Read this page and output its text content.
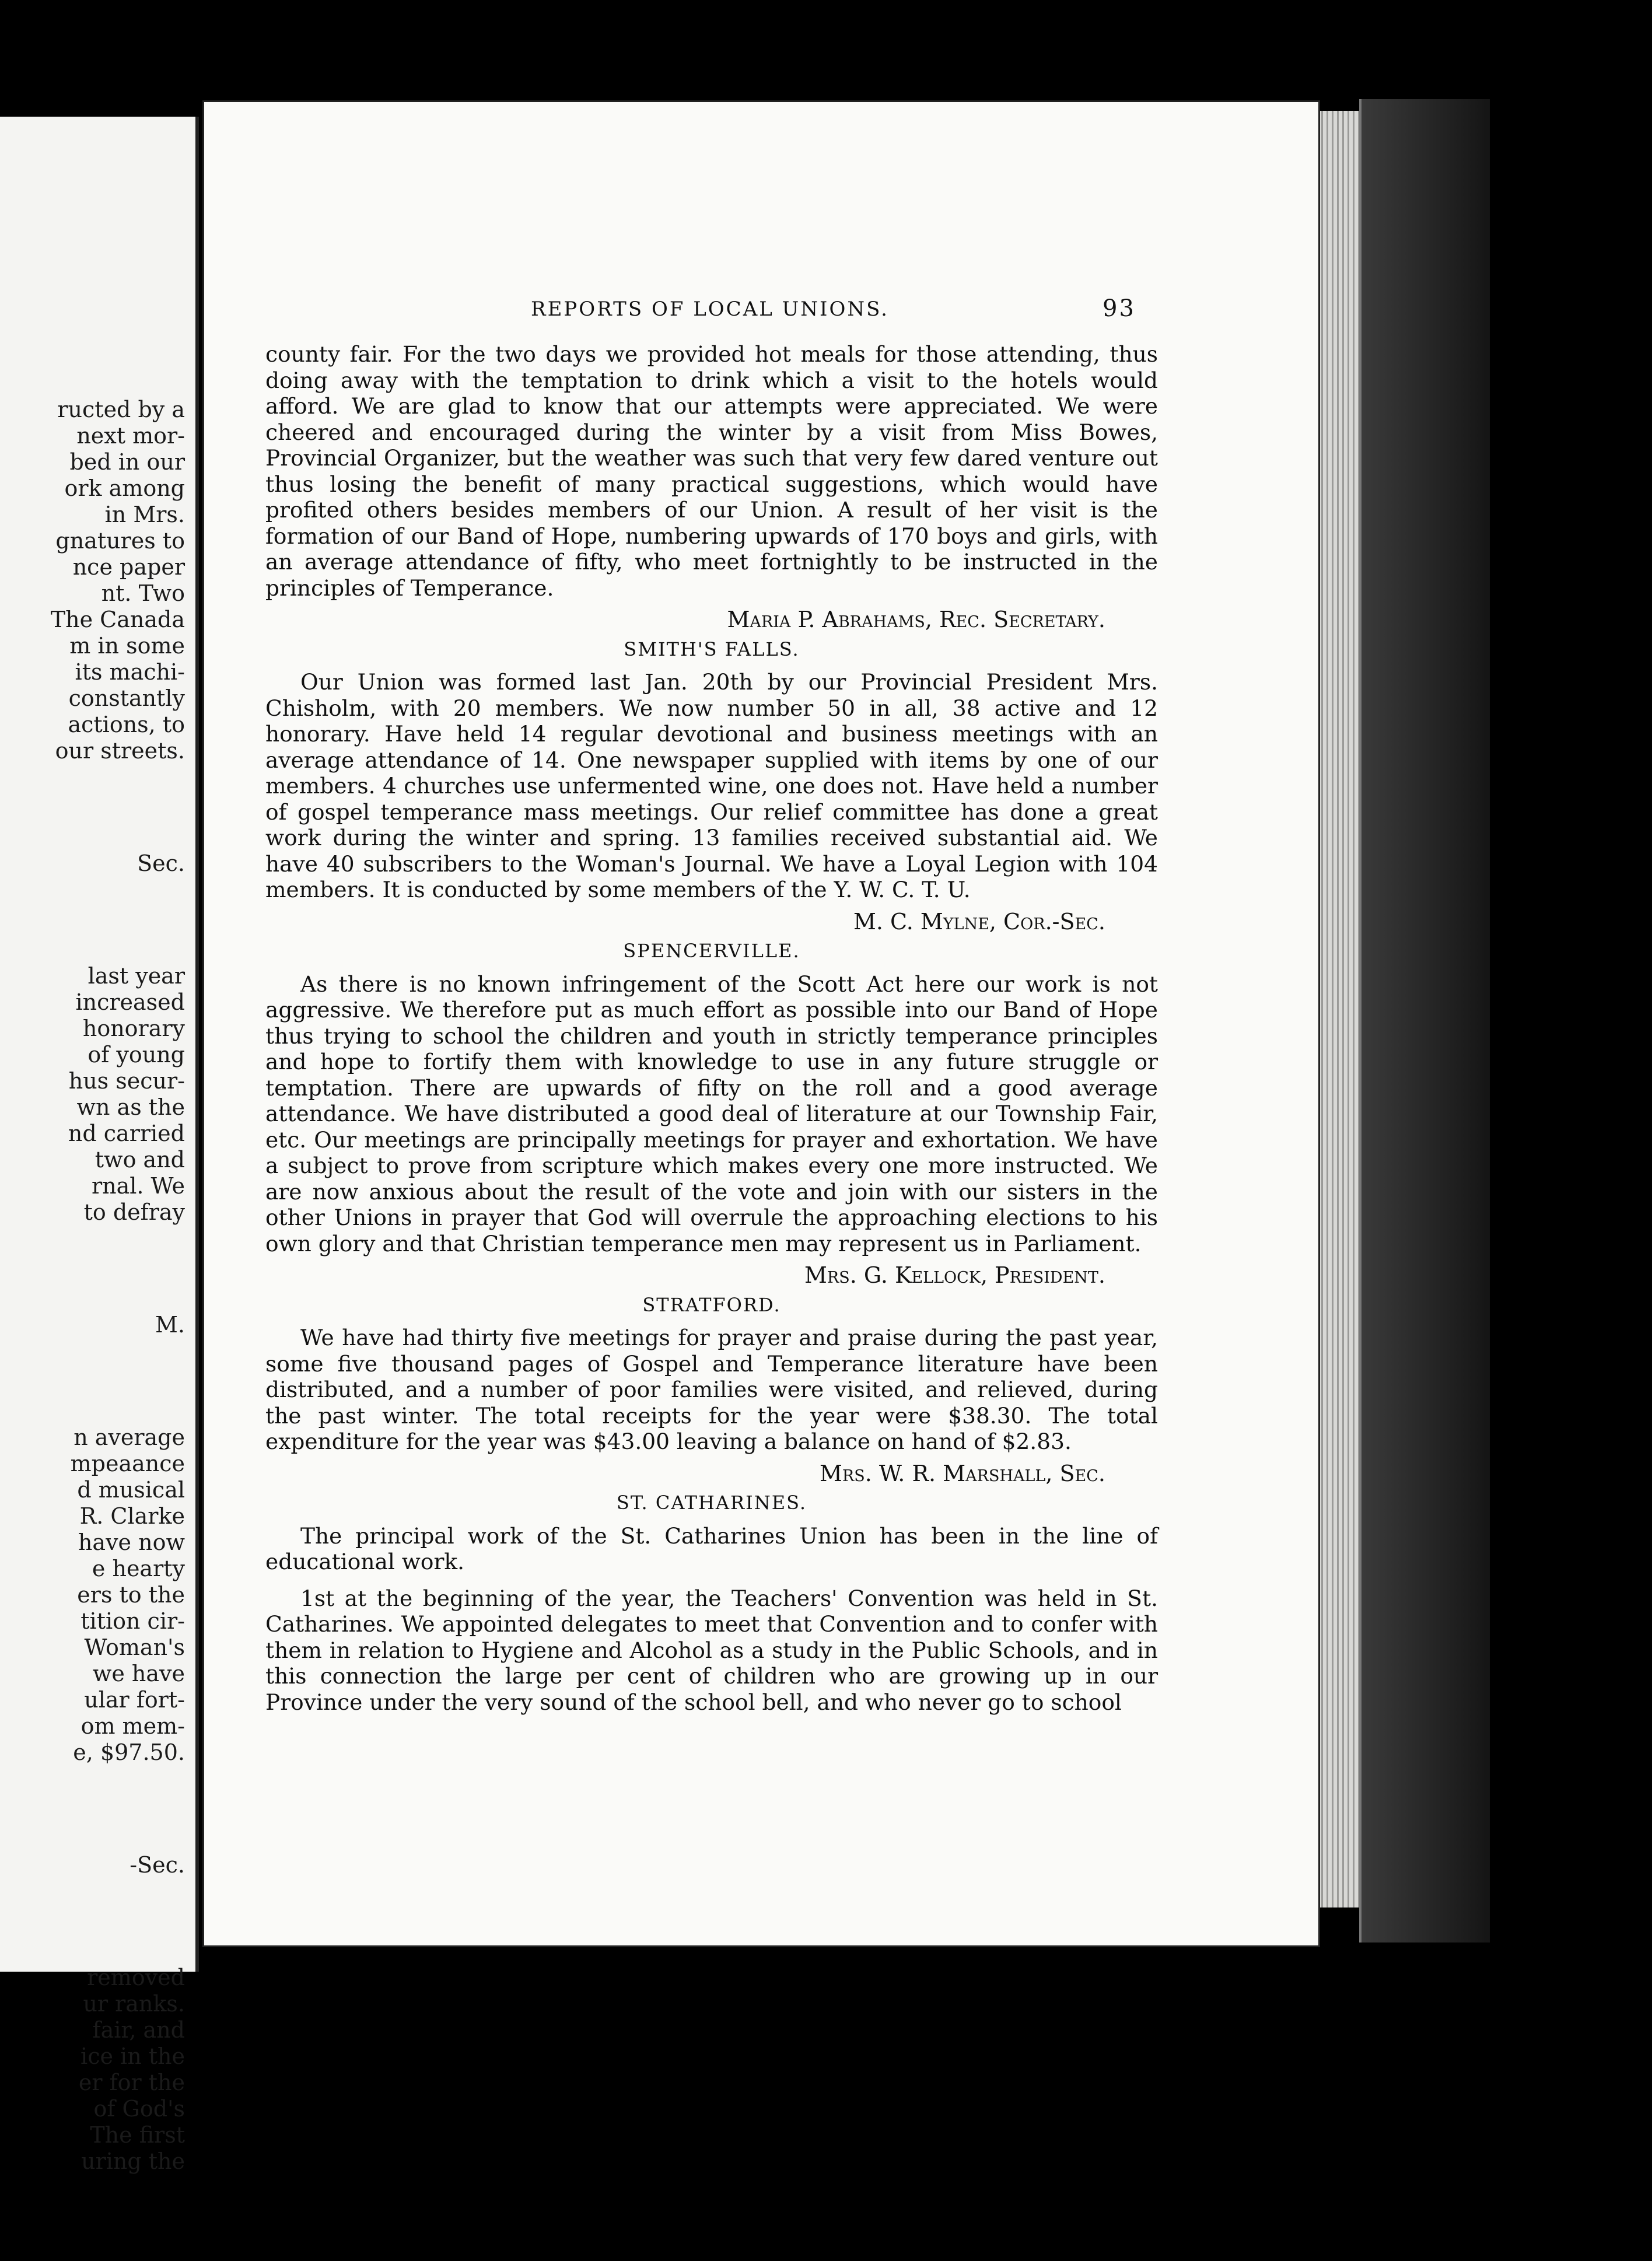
ructed by a
next mor-
bed in our
ork among
in Mrs.
gnatures to
nce paper
nt. Two
The Canada
m in some
its machi-
constantly
actions, to
our streets.

Sec.

last year
increased
honorary
of young
hus secur-
wn as the
nd carried
two and
rnal. We
to defray

M.

n average
mpeaance
d musical
R. Clarke
have now
e hearty
ers to the
tition cir-
Woman's
we have
ular fort-
om mem-
e, $97.50.

-Sec.

removed
ur ranks.
fair, and
ice in the
er for the
of God's
The first
uring the

REPORTS OF LOCAL UNIONS.	93

county fair. For the two days we provided hot meals for those attending, thus doing away with the temptation to drink which a visit to the hotels would afford. We are glad to know that our attempts were appreciated. We were cheered and encouraged during the winter by a visit from Miss Bowes, Provincial Organizer, but the weather was such that very few dared venture out thus losing the benefit of many practical suggestions, which would have profited others besides members of our Union. A result of her visit is the formation of our Band of Hope, numbering upwards of 170 boys and girls, with an average attendance of fifty, who meet fortnightly to be instructed in the principles of Temperance.

Maria P. Abrahams, Rec. Secretary.
SMITH'S FALLS.

Our Union was formed last Jan. 20th by our Provincial President Mrs. Chisholm, with 20 members. We now number 50 in all, 38 active and 12 honorary. Have held 14 regular devotional and business meetings with an average attendance of 14. One newspaper supplied with items by one of our members. 4 churches use unfermented wine, one does not. Have held a number of gospel temperance mass meetings. Our relief committee has done a great work during the winter and spring. 13 families received substantial aid. We have 40 subscribers to the Woman's Journal. We have a Loyal Legion with 104 members. It is conducted by some members of the Y. W. C. T. U.

M. C. Mylne, Cor.-Sec.
SPENCERVILLE.

As there is no known infringement of the Scott Act here our work is not aggressive. We therefore put as much effort as possible into our Band of Hope thus trying to school the children and youth in strictly temperance principles and hope to fortify them with knowledge to use in any future struggle or temptation. There are upwards of fifty on the roll and a good average attendance. We have distributed a good deal of literature at our Township Fair, etc. Our meetings are principally meetings for prayer and exhortation. We have a subject to prove from scripture which makes every one more instructed. We are now anxious about the result of the vote and join with our sisters in the other Unions in prayer that God will overrule the approaching elections to his own glory and that Christian temperance men may represent us in Parliament.

Mrs. G. Kellock, President.
STRATFORD.

We have had thirty five meetings for prayer and praise during the past year, some five thousand pages of Gospel and Temperance literature have been distributed, and a number of poor families were visited, and relieved, during the past winter. The total receipts for the year were $38.30. The total expenditure for the year was $43.00 leaving a balance on hand of $2.83.

Mrs. W. R. Marshall, Sec.
ST. CATHARINES.

The principal work of the St. Catharines Union has been in the line of educational work.

1st at the beginning of the year, the Teachers' Convention was held in St. Catharines. We appointed delegates to meet that Convention and to confer with them in relation to Hygiene and Alcohol as a study in the Public Schools, and in this connection the large per cent of children who are growing up in our Province under the very sound of the school bell, and who never go to school
